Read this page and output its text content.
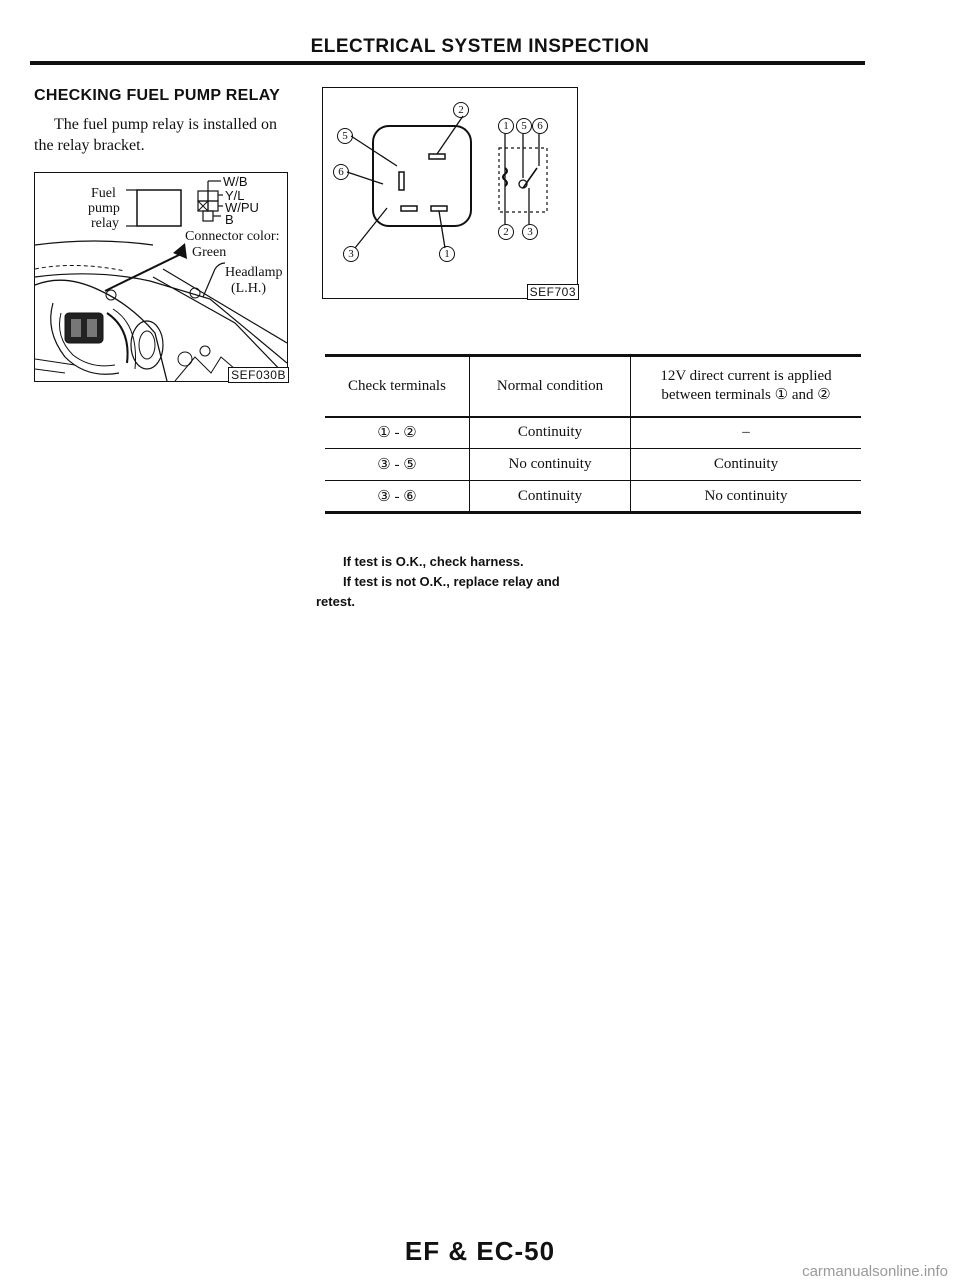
ELECTRICAL SYSTEM INSPECTION
CHECKING FUEL PUMP RELAY
The fuel pump relay is installed on
the relay bracket.
Fuel
pump
relay
W/B
Y/L
W/PU
B
Connector color:
Green
Headlamp
(L.H.)
SEF030B
2
5
6
3	1
1	5 6
2	3
SEF703
Check terminals	Normal condition	12V direct current is applied between terminals ① and ②
① - ②	Continuity	–
③ - ⑤	No continuity	Continuity
③ - ⑥	Continuity	No continuity
If test is O.K., check harness.
If test is not O.K., replace relay and
retest.
EF & EC-50
carmanualsonline.info
